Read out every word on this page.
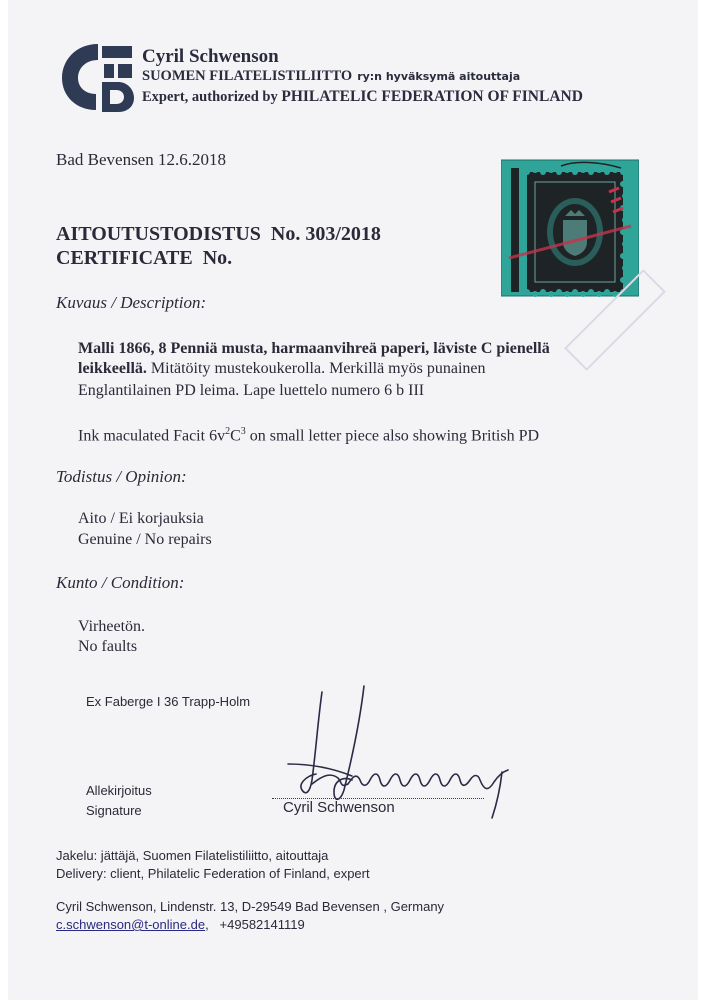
Cyril Schwenson
SUOMEN FILATELISTILIITTO ry:n hyväksymä aitouttaja
Expert, authorized by PHILATELIC FEDERATION OF FINLAND
Bad Bevensen 12.6.2018
AITOUTUSTODISTUS No. 303/2018
CERTIFICATE No.
Kuvaus / Description:
Malli 1866, 8 Penniä musta, harmaanvihreä paperi, läviste C pienellä
leikkeellä. Mitätöity mustekoukerolla. Merkillä myös punainen
Englantilainen PD leima. Lape luettelo numero 6 b III
Ink maculated Facit $6v^2C^3$ on small letter piece also showing British PD
Todistus / Opinion:
Aito / Ei korjauksia
Genuine / No repairs
Kunto / Condition:
Virheetön.
No faults
Ex Faberge I 36 Trapp-Holm
Allekirjoitus
Signature	Cyril Schwenson
Jakelu: jättäjä, Suomen Filatelistiliitto, aitouttaja
Delivery: client, Philatelic Federation of Finland, expert
Cyril Schwenson, Lindenstr. 13, D-29549 Bad Bevensen , Germany
c.schwenson@t-online.de, +49582141119
